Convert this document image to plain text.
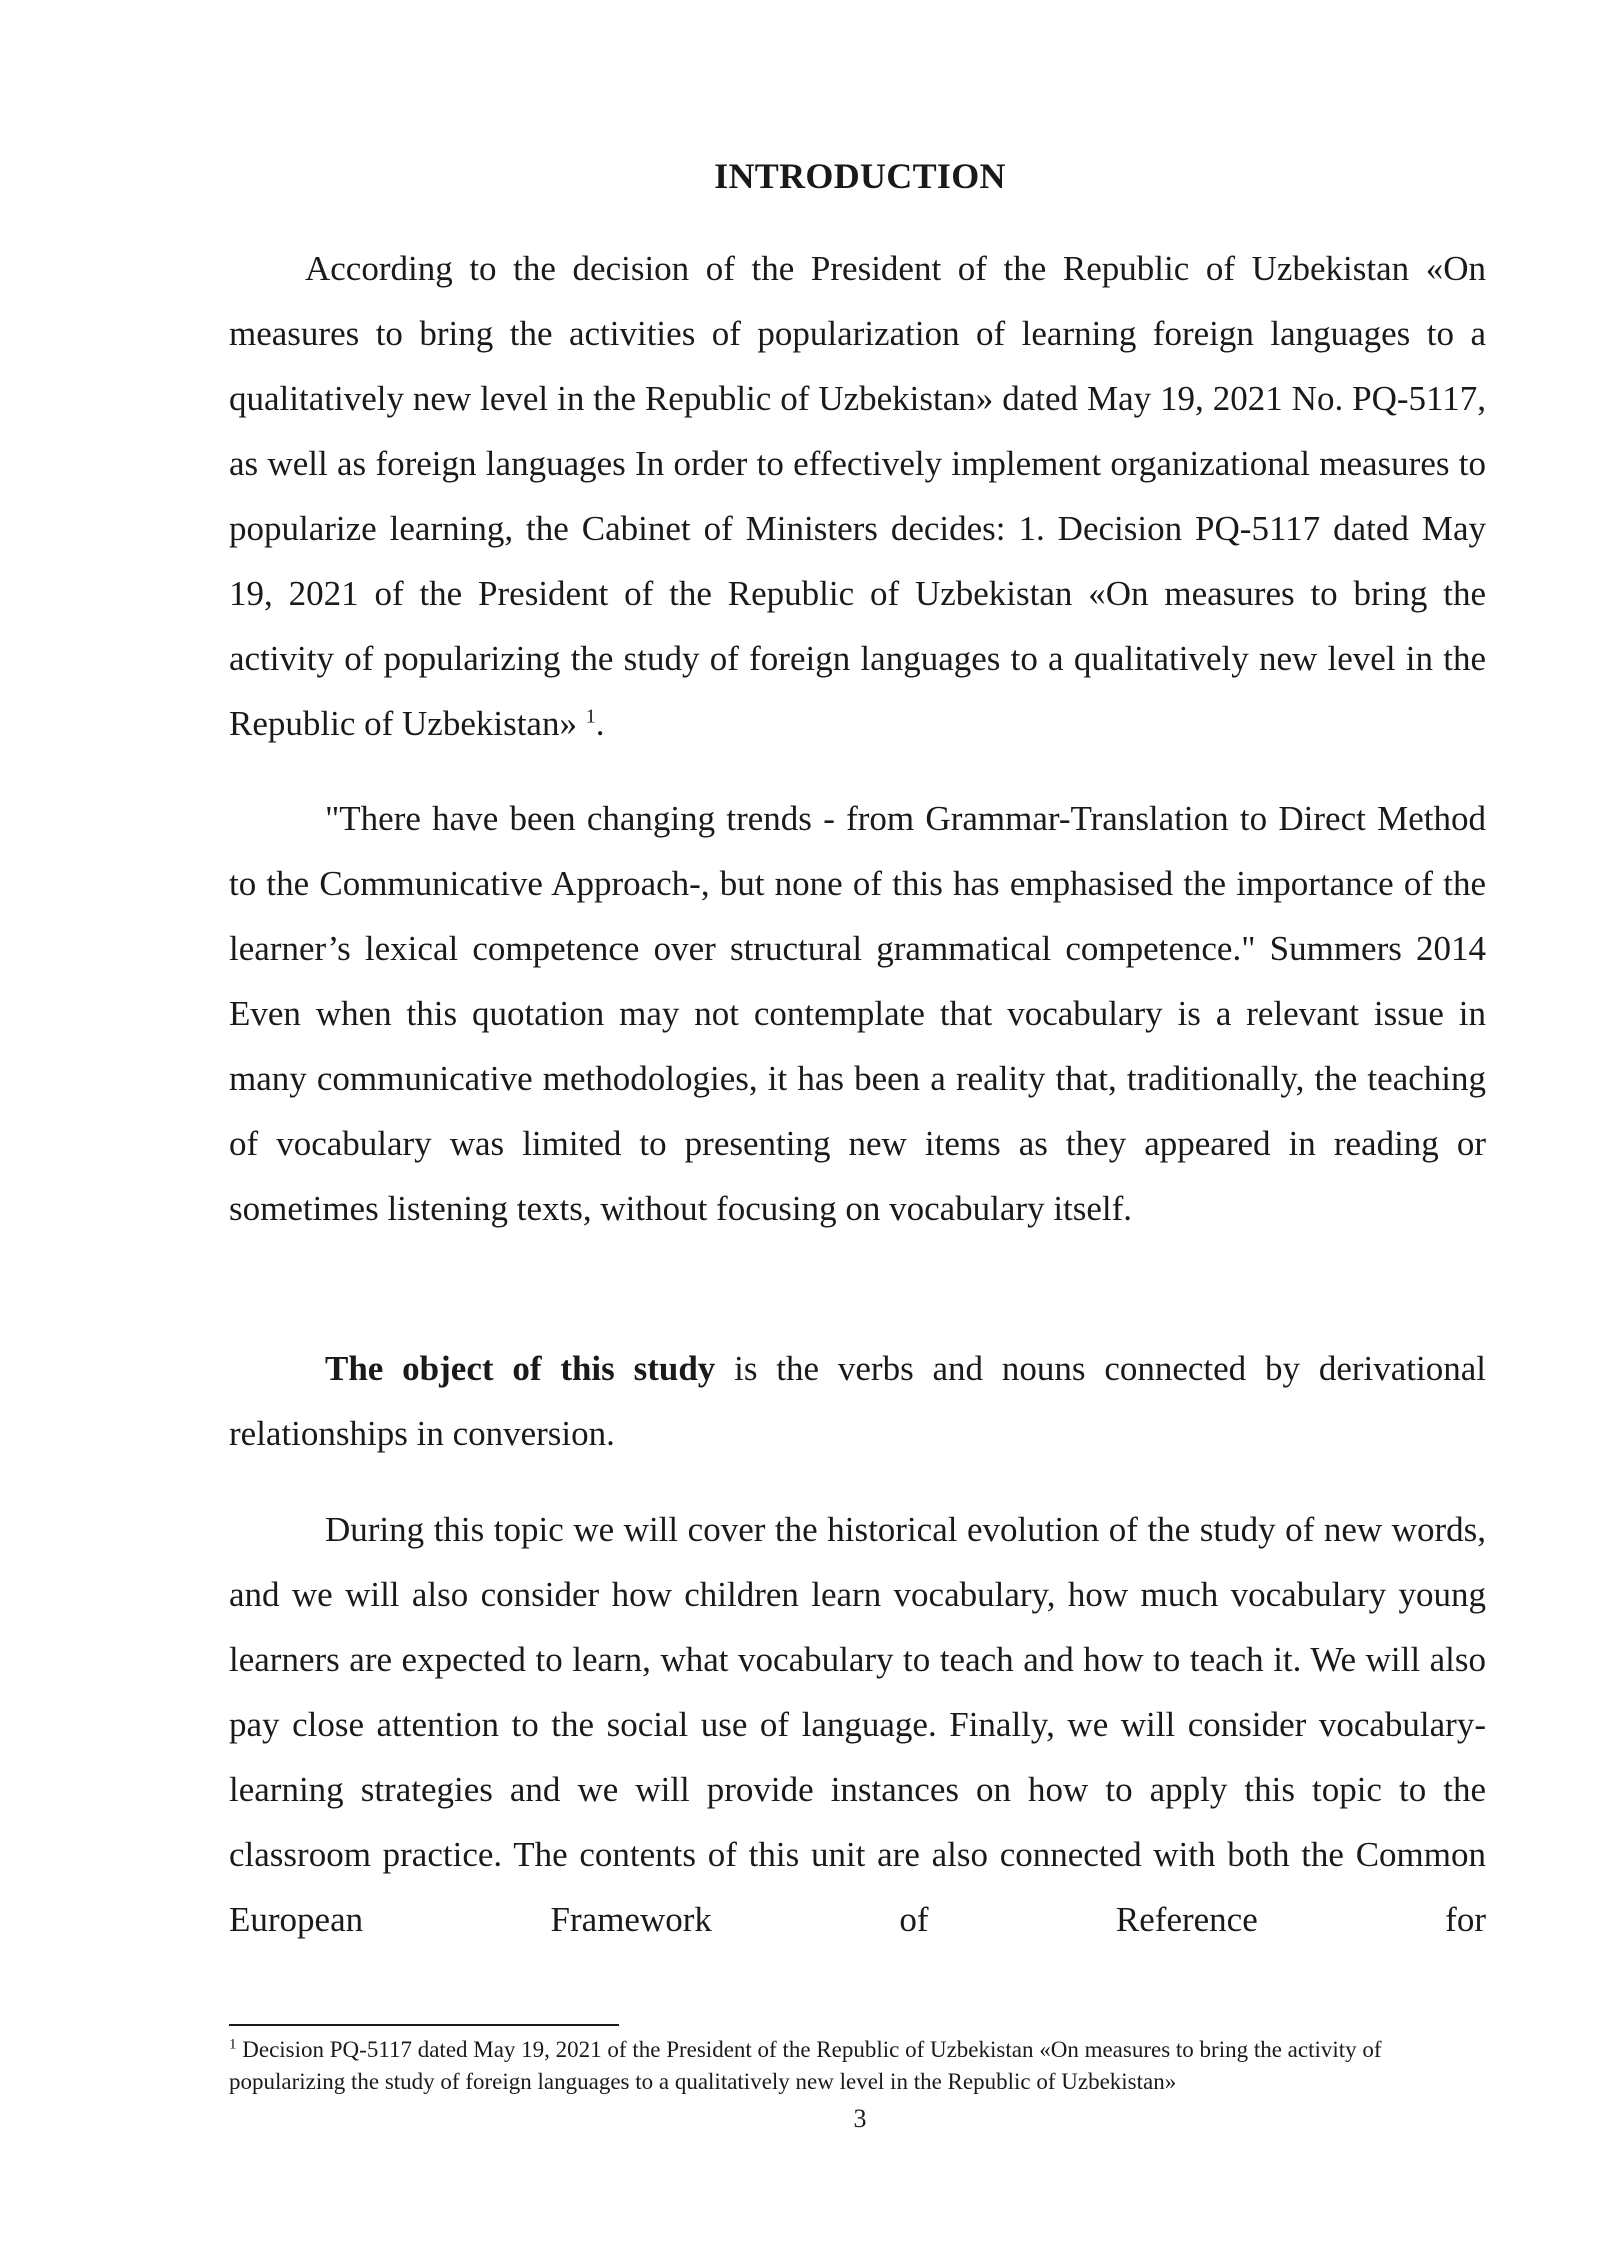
INTRODUCTION

According to the decision of the President of the Republic of Uzbekistan «On measures to bring the activities of popularization of learning foreign languages to a qualitatively new level in the Republic of Uzbekistan» dated May 19, 2021 No. PQ-5117, as well as foreign languages In order to effectively implement organizational measures to popularize learning, the Cabinet of Ministers decides: 1. Decision PQ-5117 dated May 19, 2021 of the President of the Republic of Uzbekistan «On measures to bring the activity of popularizing the study of foreign languages to a qualitatively new level in the Republic of Uzbekistan» $^1$.

"There have been changing trends - from Grammar-Translation to Direct Method to the Communicative Approach-, but none of this has emphasised the importance of the learner’s lexical competence over structural grammatical competence." Summers 2014 Even when this quotation may not contemplate that vocabulary is a relevant issue in many communicative methodologies, it has been a reality that, traditionally, the teaching of vocabulary was limited to presenting new items as they appeared in reading or sometimes listening texts, without focusing on vocabulary itself.

The object of this study is the verbs and nouns connected by derivational relationships in conversion.

During this topic we will cover the historical evolution of the study of new words, and we will also consider how children learn vocabulary, how much vocabulary young learners are expected to learn, what vocabulary to teach and how to teach it. We will also pay close attention to the social use of language. Finally, we will consider vocabulary-learning strategies and we will provide instances on how to apply this topic to the classroom practice. The contents of this unit are also connected with both the Common European Framework of Reference for

$^1$ Decision PQ-5117 dated May 19, 2021 of the President of the Republic of Uzbekistan «On measures to bring the activity of popularizing the study of foreign languages to a qualitatively new level in the Republic of Uzbekistan»
3
